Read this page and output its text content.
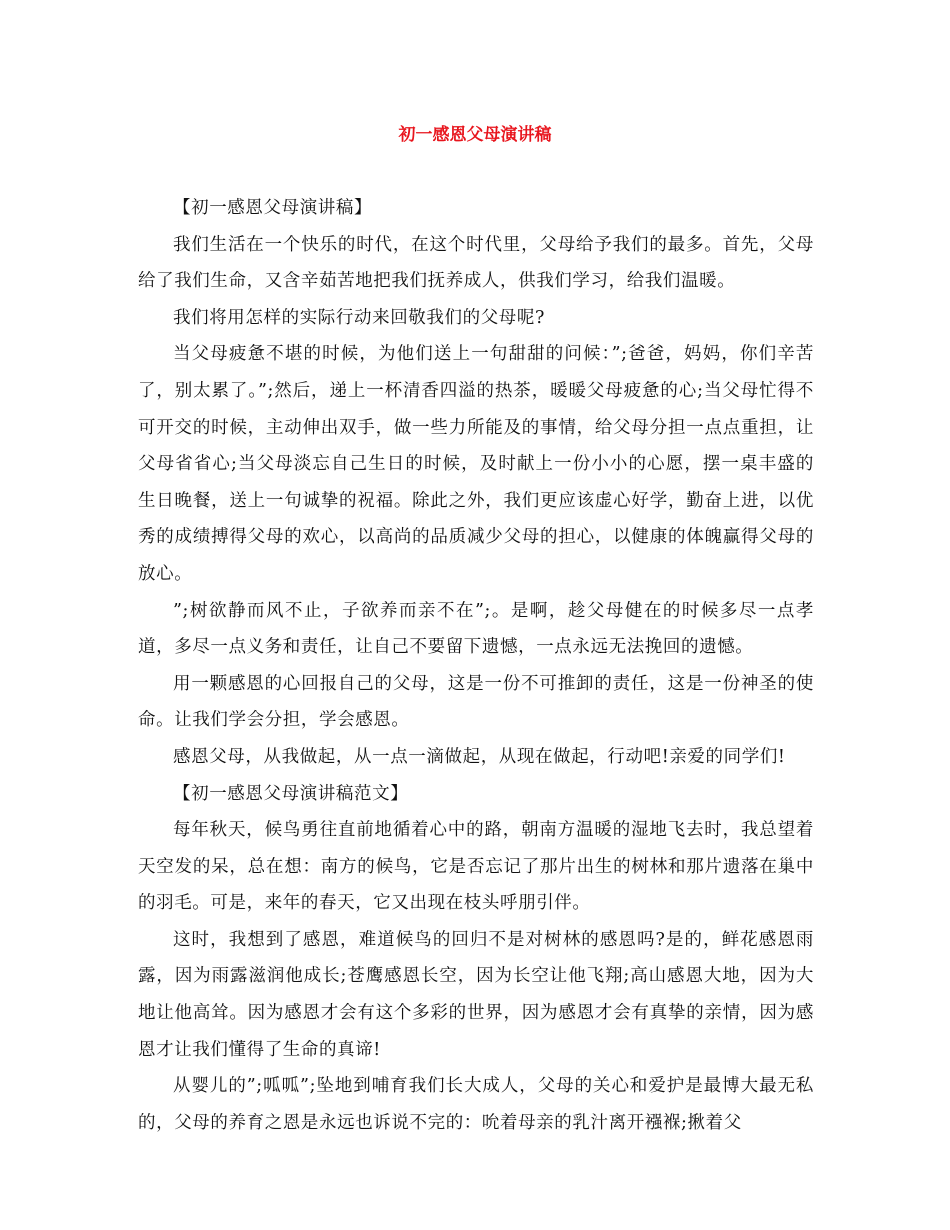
初一感恩父母演讲稿

【初一感恩父母演讲稿】

我们生活在一个快乐的时代，在这个时代里，父母给予我们的最多。首先，父母给了我们生命，又含辛茹苦地把我们抚养成人，供我们学习，给我们温暖。

我们将用怎样的实际行动来回敬我们的父母呢?

当父母疲惫不堪的时候，为他们送上一句甜甜的问候：”;爸爸，妈妈，你们辛苦了，别太累了。”;然后，递上一杯清香四溢的热茶，暖暖父母疲惫的心;当父母忙得不可开交的时候，主动伸出双手，做一些力所能及的事情，给父母分担一点点重担，让父母省省心;当父母淡忘自己生日的时候，及时献上一份小小的心愿，摆一桌丰盛的生日晚餐，送上一句诚挚的祝福。除此之外，我们更应该虚心好学，勤奋上进，以优秀的成绩搏得父母的欢心，以高尚的品质减少父母的担心，以健康的体魄赢得父母的放心。

”;树欲静而风不止，子欲养而亲不在”;。是啊，趁父母健在的时候多尽一点孝道，多尽一点义务和责任，让自己不要留下遗憾，一点永远无法挽回的遗憾。

用一颗感恩的心回报自己的父母，这是一份不可推卸的责任，这是一份神圣的使命。让我们学会分担，学会感恩。

感恩父母，从我做起，从一点一滴做起，从现在做起，行动吧!亲爱的同学们!

【初一感恩父母演讲稿范文】

每年秋天，候鸟勇往直前地循着心中的路，朝南方温暖的湿地飞去时，我总望着天空发的呆，总在想：南方的候鸟，它是否忘记了那片出生的树林和那片遗落在巢中的羽毛。可是，来年的春天，它又出现在枝头呼朋引伴。

这时，我想到了感恩，难道候鸟的回归不是对树林的感恩吗?是的，鲜花感恩雨露，因为雨露滋润他成长;苍鹰感恩长空，因为长空让他飞翔;高山感恩大地，因为大地让他高耸。因为感恩才会有这个多彩的世界，因为感恩才会有真挚的亲情，因为感恩才让我们懂得了生命的真谛!

从婴儿的”;呱呱”;坠地到哺育我们长大成人，父母的关心和爱护是最博大最无私的，父母的养育之恩是永远也诉说不完的：吮着母亲的乳汁离开襁褓;揪着父
